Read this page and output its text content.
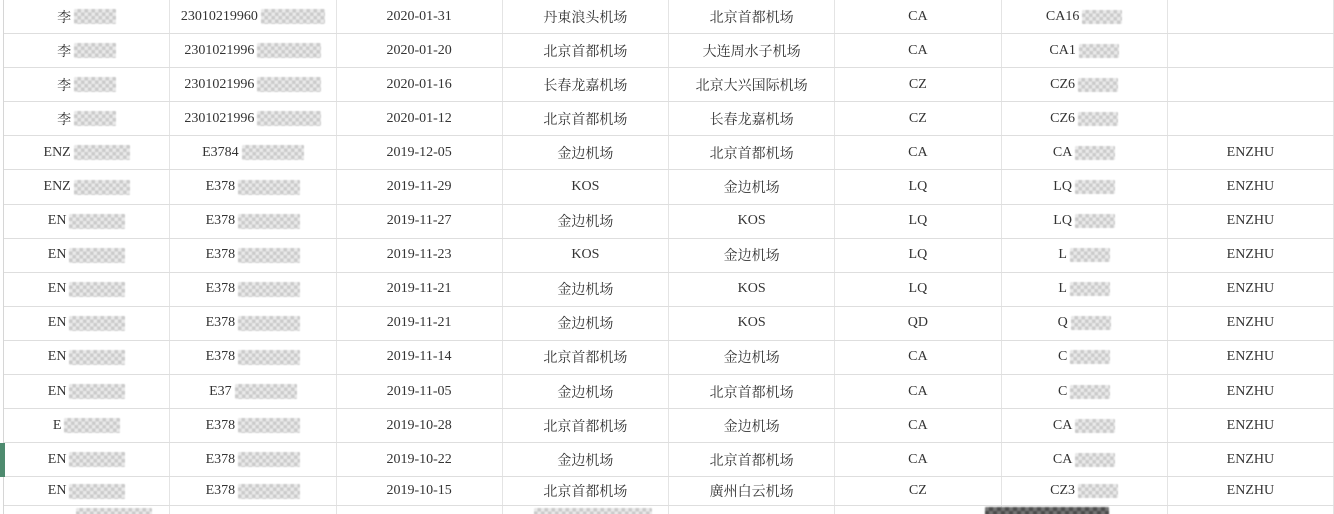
李	23010219960	2020-01-31	丹東浪头机场	北京首都机场	CA	CA16
李	2301021996	2020-01-20	北京首都机场	大连周水子机场	CA	CA1
李	2301021996	2020-01-16	长春龙嘉机场	北京大兴国际机场	CZ	CZ6
李	2301021996	2020-01-12	北京首都机场	长春龙嘉机场	CZ	CZ6
ENZ	E3784	2019-12-05	金边机场	北京首都机场	CA	CA	ENZHU
ENZ	E378	2019-11-29	KOS	金边机场	LQ	LQ	ENZHU
EN	E378	2019-11-27	金边机场	KOS	LQ	LQ	ENZHU
EN	E378	2019-11-23	KOS	金边机场	LQ	L	ENZHU
EN	E378	2019-11-21	金边机场	KOS	LQ	L	ENZHU
EN	E378	2019-11-21	金边机场	KOS	QD	Q	ENZHU
EN	E378	2019-11-14	北京首都机场	金边机场	CA	C	ENZHU
EN	E37	2019-11-05	金边机场	北京首都机场	CA	C	ENZHU
E	E378	2019-10-28	北京首都机场	金边机场	CA	CA	ENZHU
EN	E378	2019-10-22	金边机场	北京首都机场	CA	CA	ENZHU
EN	E378	2019-10-15	北京首都机场	廣州白云机场	CZ	CZ3	ENZHU
